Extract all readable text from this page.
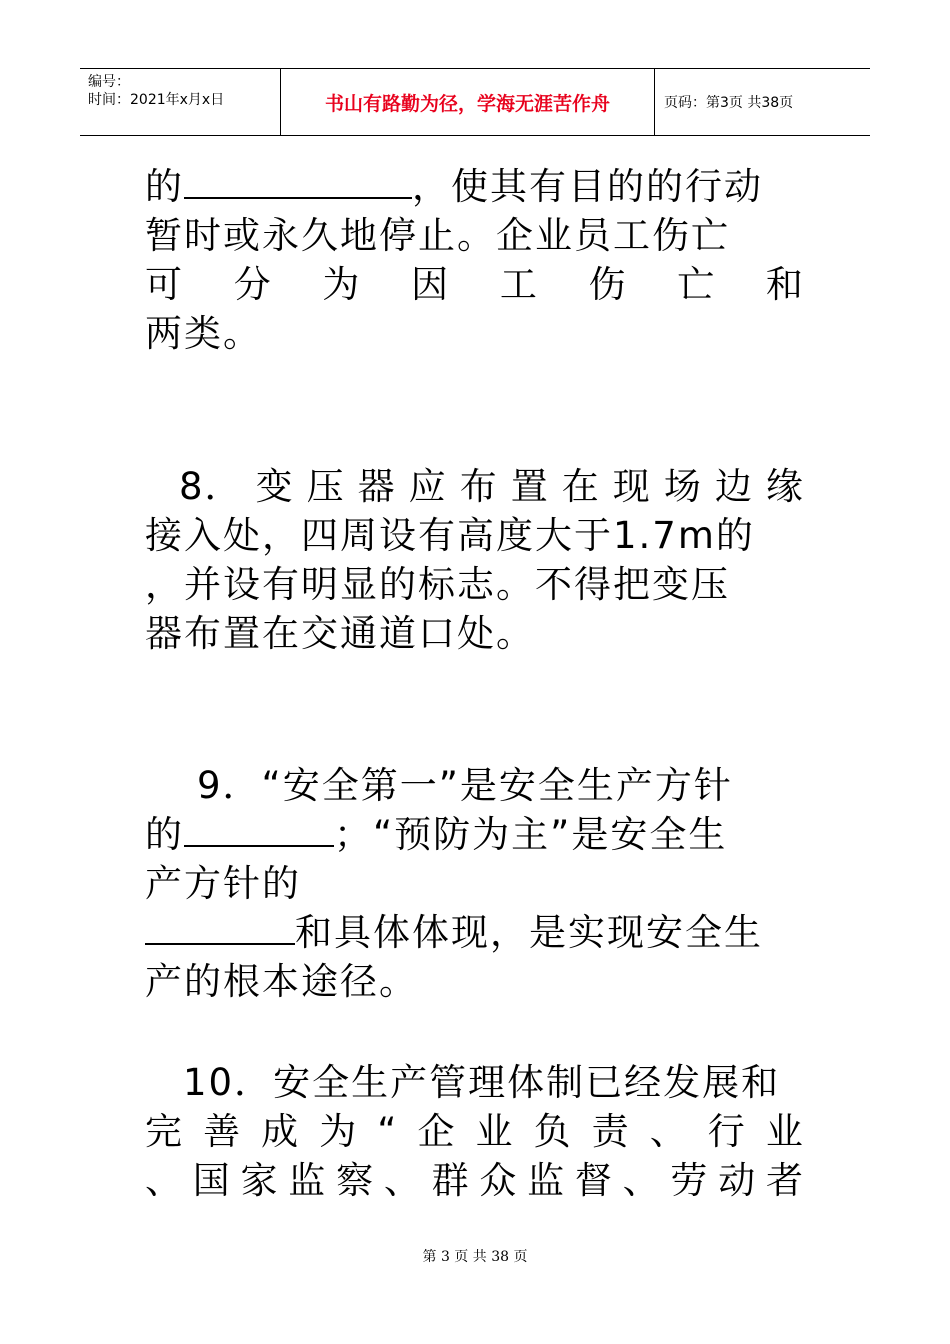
编号：
时间：2021年x月x日	书山有路勤为径，学海无涯苦作舟	页码：第3页 共38页
的	，使其有目的的行动
暂时或永久地停止。企业员工伤亡
可 分 为 因 工 伤 亡 和
两类。
8． 变 压 器 应 布 置 在 现 场 边 缘
接入处，四周设有高度大于1.7m的
，并设有明显的标志。不得把变压
器布置在交通道口处。
9．“安全第一”是安全生产方针
的	；“预防为主”是安全生
产方针的
和具体体现，是实现安全生
产的根本途径。
10．安全生产管理体制已经发展和
完 善 成 为 “ 企 业 负 责 、 行 业
、 国 家 监 察 、 群 众 监 督 、 劳 动 者
第 3 页 共 38 页
